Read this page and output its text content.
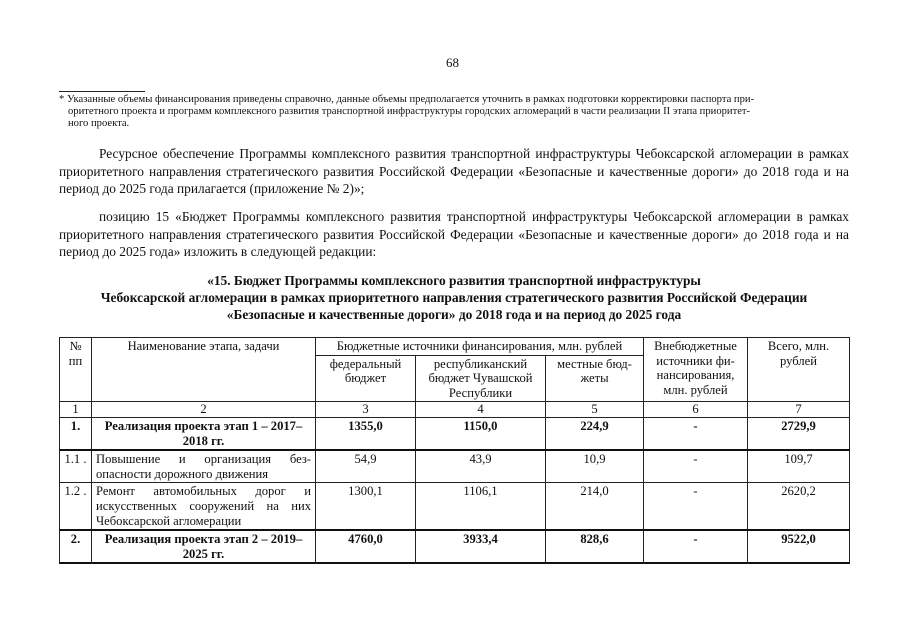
68
* Указанные объемы финансирования приведены справочно, данные объемы предполагается уточнить в рамках подготовки корректировки паспорта при-
оритетного проекта и программ комплексного развития транспортной инфраструктуры городских агломераций в части реализации II этапа приоритет-
ного проекта.

Ресурсное обеспечение Программы комплексного развития транспортной инфраструктуры Чебоксарской агломерации в рамках приоритетного направления стратегического развития Российской Федерации «Безопасные и качественные дороги» до 2018 года и на период до 2025 года прилагается (приложение № 2)»;

позицию 15 «Бюджет Программы комплексного развития транспортной инфраструктуры Чебоксарской агломерации в рамках приоритетного направления стратегического развития Российской Федерации «Безопасные и качественные дороги» до 2018 года и на период до 2025 года» изложить в следующей редакции:

«15. Бюджет Программы комплексного развития транспортной инфраструктуры
Чебоксарской агломерации в рамках приоритетного направления стратегического развития Российской Федерации
«Безопасные и качественные дороги» до 2018 года и на период до 2025 года
№ пп	Наименование этапа, задачи	Бюджетные источники финансирования, млн. рублей			Внебюджетные источники фи-нансирования, млн. рублей	Всего, млн. рублей
		федеральный бюджет	республиканский бюджет Чувашской Республики	местные бюд-жеты		
1	2	3	4	5	6	7
1.	Реализация проекта этап 1 – 2017–2018 гг.	1355,0	1150,0	224,9	-	2729,9
1.1 .	Повышение и организация без-опасности дорожного движения	54,9	43,9	10,9	-	109,7
1.2 .	Ремонт автомобильных дорог и искусственных сооружений на них Чебоксарской агломерации	1300,1	1106,1	214,0	-	2620,2
2.	Реализация проекта этап 2 – 2019–2025 гг.	4760,0	3933,4	828,6	-	9522,0
